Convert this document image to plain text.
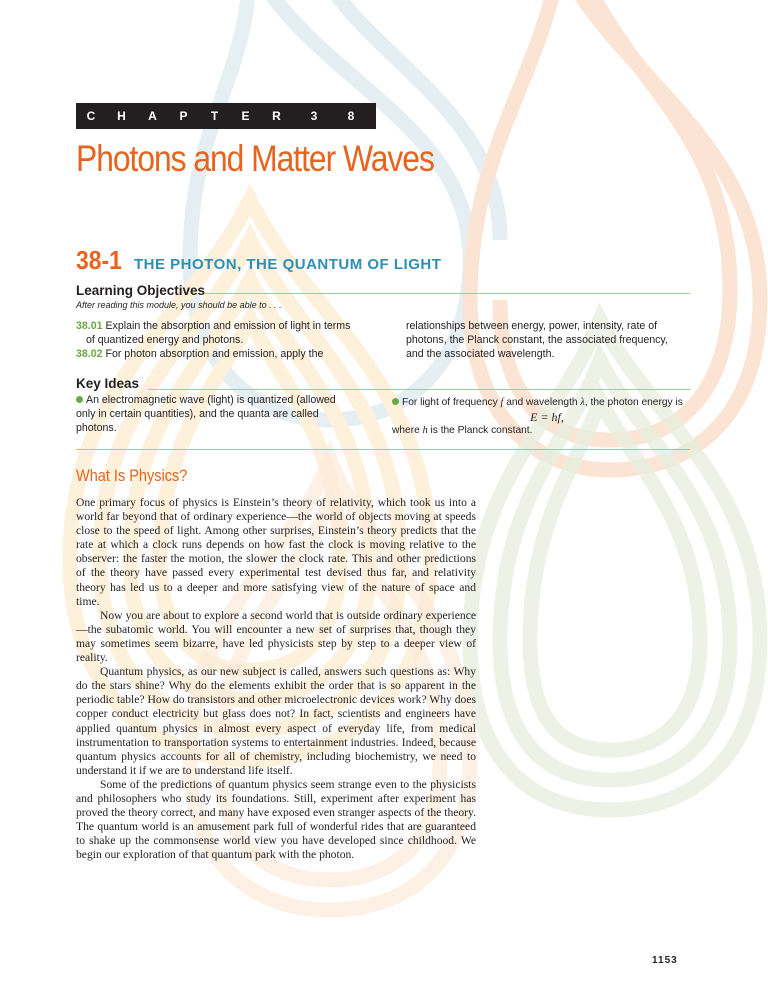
C	H	A	P	T	E	R	3	8
Photons and Matter Waves
38-1 THE PHOTON, THE QUANTUM OF LIGHT
Learning Objectives
After reading this module, you should be able to . . .
38.01 Explain the absorption and emission of light in terms
of quantized energy and photons.
38.02 For photon absorption and emission, apply the
relationships between energy, power, intensity, rate of
photons, the Planck constant, the associated frequency,
and the associated wavelength.
Key Ideas
An electromagnetic wave (light) is quantized (allowed
only in certain quantities), and the quanta are called
photons.
For light of frequency f and wavelength λ, the photon energy is
E = hf,
where h is the Planck constant.
What Is Physics?

One primary focus of physics is Einstein’s theory of relativity, which took us into a world far beyond that of ordinary experience—the world of objects moving at speeds close to the speed of light. Among other surprises, Einstein’s theory predicts that the rate at which a clock runs depends on how fast the clock is moving relative to the observer: the faster the motion, the slower the clock rate. This and other predictions of the theory have passed every experimental test devised thus far, and relativity theory has led us to a deeper and more satisfying view of the nature of space and time.

Now you are about to explore a second world that is outside ordinary experience—the subatomic world. You will encounter a new set of surprises that, though they may sometimes seem bizarre, have led physicists step by step to a deeper view of reality.

Quantum physics, as our new subject is called, answers such questions as: Why do the stars shine? Why do the elements exhibit the order that is so apparent in the periodic table? How do transistors and other microelectronic devices work? Why does copper conduct electricity but glass does not? In fact, scientists and engineers have applied quantum physics in almost every aspect of everyday life, from medical instrumentation to transportation systems to entertainment industries. Indeed, because quantum physics accounts for all of chemistry, including biochemistry, we need to understand it if we are to understand life itself.

Some of the predictions of quantum physics seem strange even to the physicists and philosophers who study its foundations. Still, experiment after experiment has proved the theory correct, and many have exposed even stranger aspects of the theory. The quantum world is an amusement park full of wonderful rides that are guaranteed to shake up the commonsense world view you have developed since childhood. We begin our exploration of that quantum park with the photon.

1153
